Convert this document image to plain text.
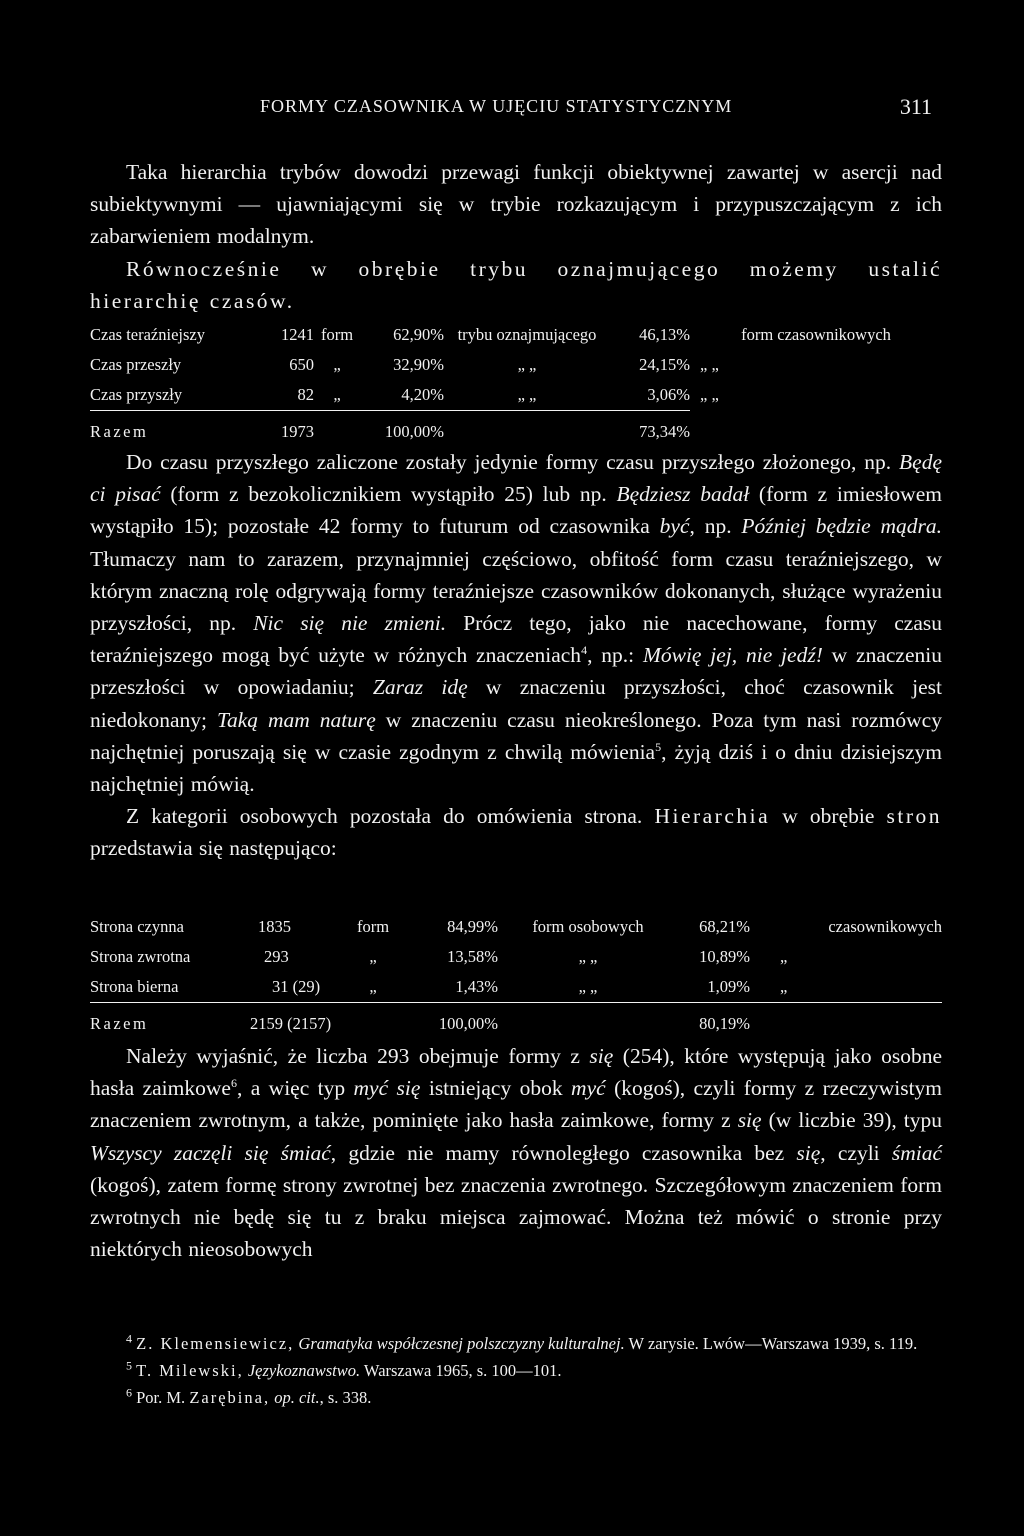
FORMY CZASOWNIKA W UJĘCIU STATYSTYCZNYM	311

Taka hierarchia trybów dowodzi przewagi funkcji obiektywnej zawartej w asercji nad subiektywnymi — ujawniającymi się w trybie rozkazującym i przypuszczającym z ich zabarwieniem modalnym.

Równocześnie w obrębie trybu oznajmującego możemy ustalić

hierarchię czasów.

Czas teraźniejszy	1241	form	62,90%	trybu oznajmującego	46,13%	form czasownikowych
Czas przeszły	650	„	32,90%	„ „	24,15%	„ „
Czas przyszły	82	„	4,20%	„ „	3,06%	„ „
Razem	1973		100,00%		73,34%	

Do czasu przyszłego zaliczone zostały jedynie formy czasu przyszłego złożonego, np. Będę ci pisać (form z bezokolicznikiem wystąpiło 25) lub np. Będziesz badał (form z imiesłowem wystąpiło 15); pozostałe 42 formy to futurum od czasownika być, np. Później będzie mądra. Tłumaczy nam to zarazem, przynajmniej częściowo, obfitość form czasu teraźniejszego, w którym znaczną rolę odgrywają formy teraźniejsze czasowników dokonanych, służące wyrażeniu przyszłości, np. Nic się nie zmieni. Prócz tego, jako nie nacechowane, formy czasu teraźniejszego mogą być użyte w różnych znaczeniach$^4$, np.: Mówię jej, nie jedź! w znaczeniu przeszłości w opowiadaniu; Zaraz idę w znaczeniu przyszłości, choć czasownik jest niedokonany; Taką mam naturę w znaczeniu czasu nieokreślonego. Poza tym nasi rozmówcy najchętniej poruszają się w czasie zgodnym z chwilą mówienia$^5$, żyją dziś i o dniu dzisiejszym najchętniej mówią.

Z kategorii osobowych pozostała do omówienia strona. Hierarchia w obrębie stron przedstawia się następująco:

Strona czynna	1835	form	84,99%	form osobowych	68,21%	czasownikowych
Strona zwrotna	293	„	13,58%	„ „	10,89%	„
Strona bierna	31 (29)	„	1,43%	„ „	1,09%	„
Razem	2159 (2157)		100,00%		80,19%	

Należy wyjaśnić, że liczba 293 obejmuje formy z się (254), które występują jako osobne hasła zaimkowe$^6$, a więc typ myć się istniejący obok myć (kogoś), czyli formy z rzeczywistym znaczeniem zwrotnym, a także, pominięte jako hasła zaimkowe, formy z się (w liczbie 39), typu Wszyscy zaczęli się śmiać, gdzie nie mamy równoległego czasownika bez się, czyli śmiać (kogoś), zatem formę strony zwrotnej bez znaczenia zwrotnego. Szczegółowym znaczeniem form zwrotnych nie będę się tu z braku miejsca zajmować. Można też mówić o stronie przy niektórych nieosobowych

$^4$ Z. Klemensiewicz, Gramatyka współczesnej polszczyzny kulturalnej. W zarysie. Lwów—Warszawa 1939, s. 119.

$^5$ T. Milewski, Językoznawstwo. Warszawa 1965, s. 100—101.

$^6$ Por. M. Zarębina, op. cit., s. 338.
